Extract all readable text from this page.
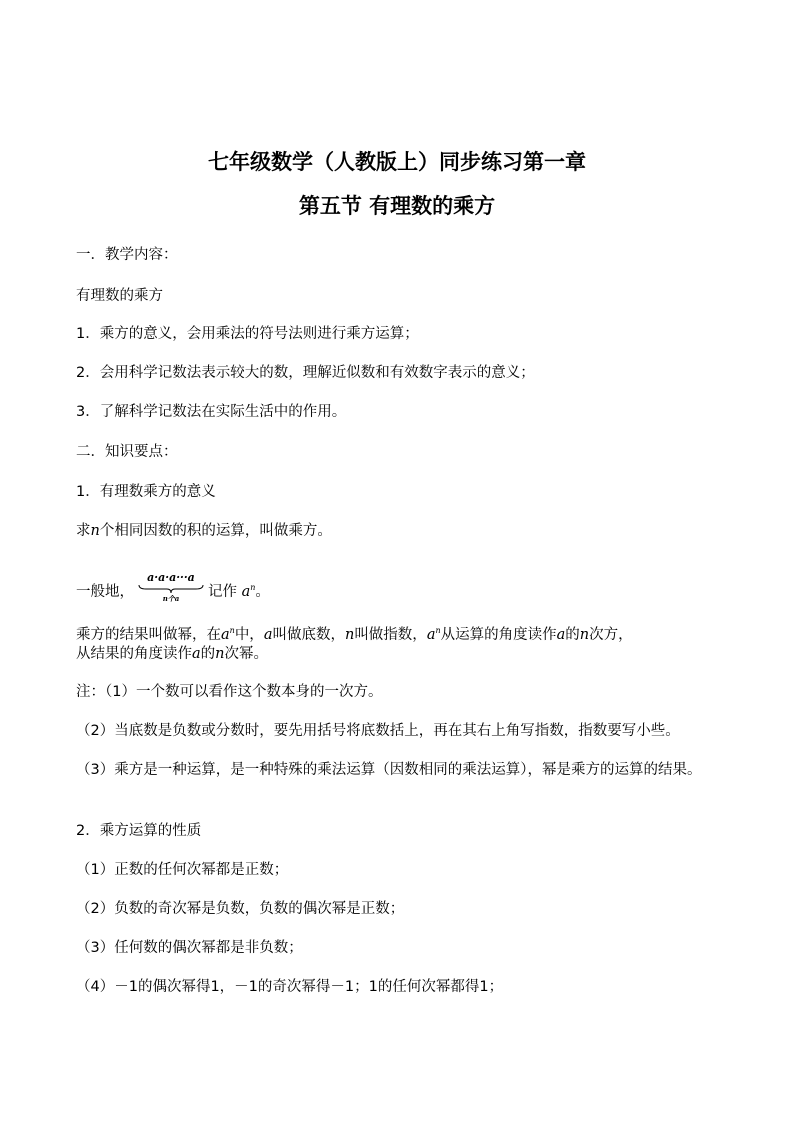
七年级数学（人教版上）同步练习第一章
第五节 有理数的乘方
一．教学内容：
有理数的乘方
1．乘方的意义，会用乘法的符号法则进行乘方运算；
2．会用科学记数法表示较大的数，理解近似数和有效数字表示的意义；
3．了解科学记数法在实际生活中的作用。
二．知识要点：
1．有理数乘方的意义
求n个相同因数的积的运算，叫做乘方。
一般地，
a·a·a···a
n个a	记作 $a^n$。
乘方的结果叫做幂，在$a^n$中，a叫做底数，n叫做指数，$a^n$从运算的角度读作a的n次方，
从结果的角度读作a的n次幂。
注：（1）一个数可以看作这个数本身的一次方。
（2）当底数是负数或分数时，要先用括号将底数括上，再在其右上角写指数，指数要写小些。
（3）乘方是一种运算，是一种特殊的乘法运算（因数相同的乘法运算），幂是乘方的运算的结果。
2．乘方运算的性质
（1）正数的任何次幂都是正数；
（2）负数的奇次幂是负数，负数的偶次幂是正数；
（3）任何数的偶次幂都是非负数；
（4）－1的偶次幂得1，－1的奇次幂得－1；1的任何次幂都得1；
